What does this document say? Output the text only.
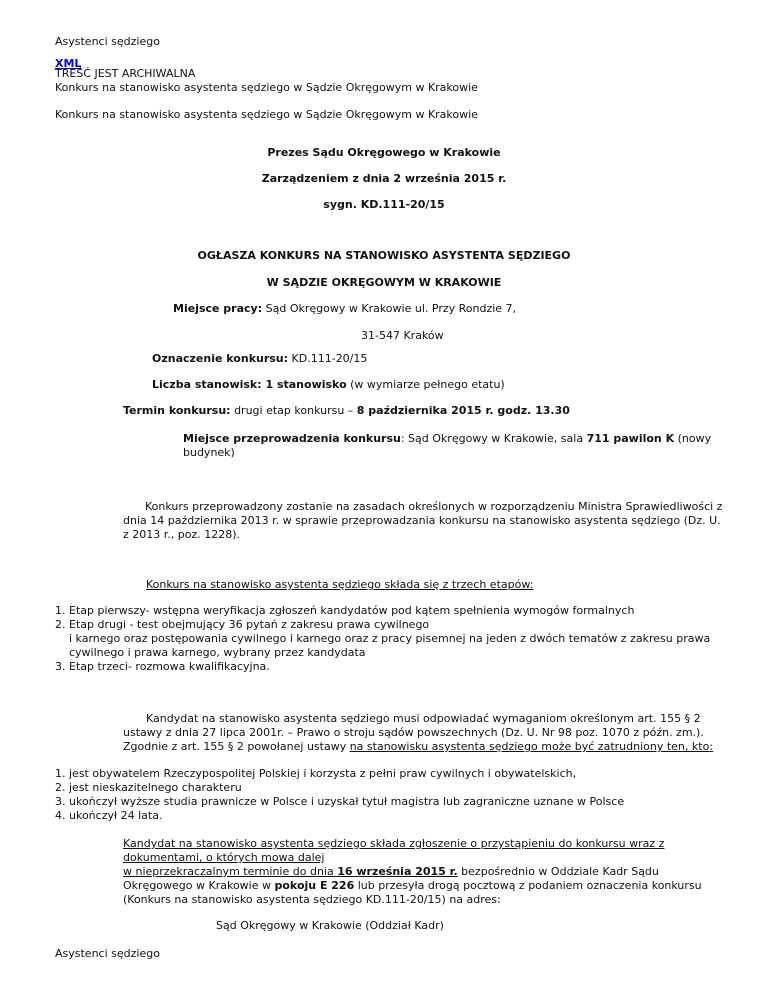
Asystenci sędziego
XML
TREŚĆ JEST ARCHIWALNA
Konkurs na stanowisko asystenta sędziego w Sądzie Okręgowym w Krakowie
Konkurs na stanowisko asystenta sędziego w Sądzie Okręgowym w Krakowie
Prezes Sądu Okręgowego w Krakowie
Zarządzeniem z dnia 2 września 2015 r.
sygn. KD.111-20/15
OGŁASZA KONKURS NA STANOWISKO ASYSTENTA SĘDZIEGO
W SĄDZIE OKRĘGOWYM W KRAKOWIE
Miejsce pracy: Sąd Okręgowy w Krakowie ul. Przy Rondzie 7,
31-547 Kraków
Oznaczenie konkursu: KD.111-20/15
Liczba stanowisk: 1 stanowisko (w wymiarze pełnego etatu)
Termin konkursu: drugi etap konkursu – 8 października 2015 r. godz. 13.30
Miejsce przeprowadzenia konkursu: Sąd Okręgowy w Krakowie, sala 711 pawilon K (nowy
budynek)
Konkurs przeprowadzony zostanie na zasadach określonych w rozporządzeniu Ministra Sprawiedliwości z
dnia 14 października 2013 r. w sprawie przeprowadzania konkursu na stanowisko asystenta sędziego (Dz. U.
z 2013 r., poz. 1228).
Konkurs na stanowisko asystenta sędziego składa się z trzech etapów:
1. Etap pierwszy- wstępna weryfikacja zgłoszeń kandydatów pod kątem spełnienia wymogów formalnych
2. Etap drugi - test obejmujący 36 pytań z zakresu prawa cywilnego
i karnego oraz postępowania cywilnego i karnego oraz z pracy pisemnej na jeden z dwóch tematów z zakresu prawa
cywilnego i prawa karnego, wybrany przez kandydata
3. Etap trzeci- rozmowa kwalifikacyjna.
Kandydat na stanowisko asystenta sędziego musi odpowiadać wymaganiom określonym art. 155 § 2
ustawy z dnia 27 lipca 2001r. – Prawo o stroju sądów powszechnych (Dz. U. Nr 98 poz. 1070 z późn. zm.).
Zgodnie z art. 155 § 2 powołanej ustawy na stanowisku asystenta sędziego może być zatrudniony ten, kto:
1. jest obywatelem Rzeczypospolitej Polskiej i korzysta z pełni praw cywilnych i obywatelskich,
2. jest nieskazitelnego charakteru
3. ukończył wyższe studia prawnicze w Polsce i uzyskał tytuł magistra lub zagraniczne uznane w Polsce
4. ukończył 24 lata.
Kandydat na stanowisko asystenta sędziego składa zgłoszenie o przystąpieniu do konkursu wraz z
dokumentami, o których mowa dalej
w nieprzekraczalnym terminie do dnia 16 września 2015 r. bezpośrednio w Oddziale Kadr Sądu
Okręgowego w Krakowie w pokoju E 226 lub przesyła drogą pocztową z podaniem oznaczenia konkursu
(Konkurs na stanowisko asystenta sędziego KD.111-20/15) na adres:
Sąd Okręgowy w Krakowie (Oddział Kadr)
Asystenci sędziego
